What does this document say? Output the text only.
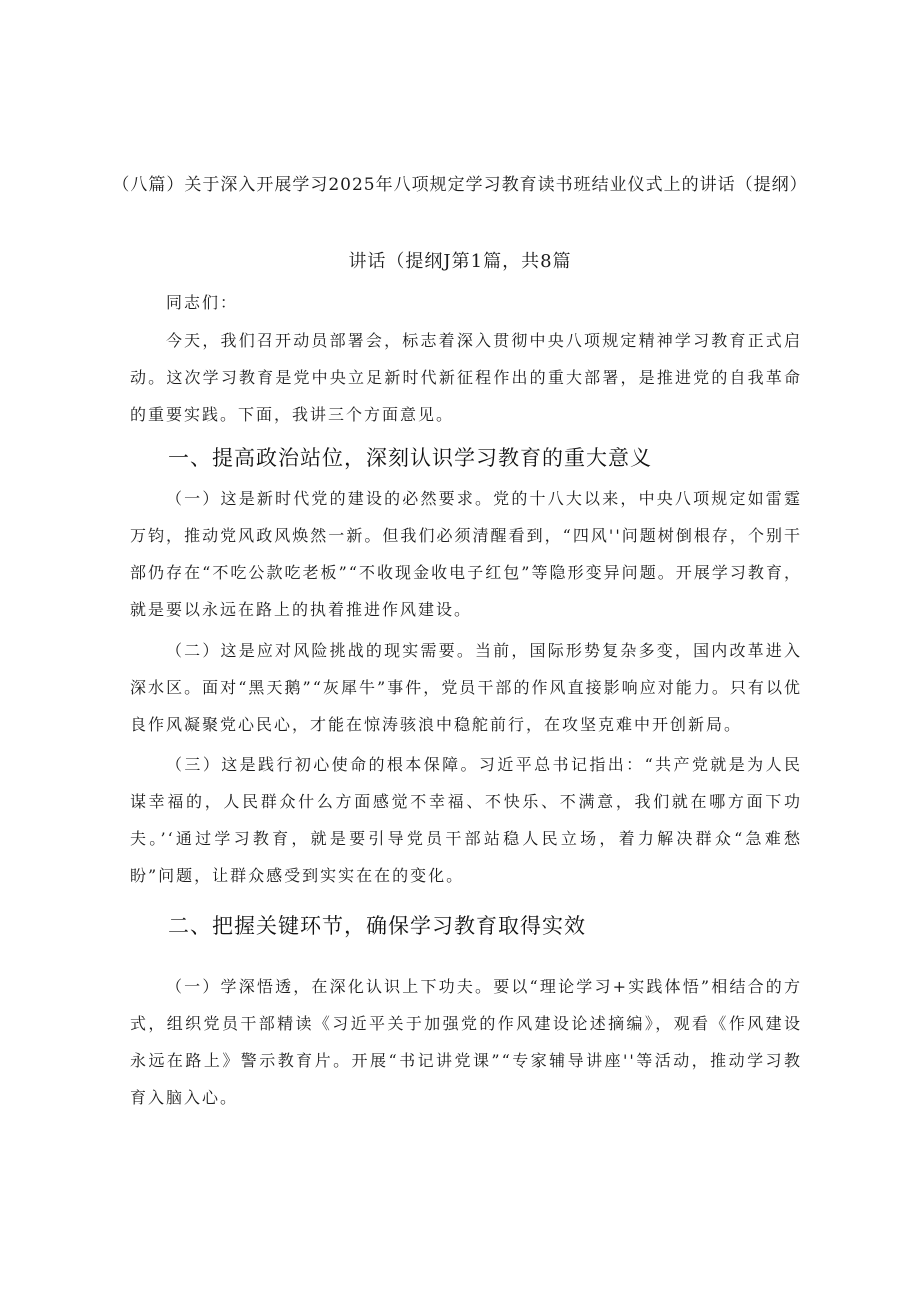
（八篇）关于深入开展学习2025年八项规定学习教育读书班结业仪式上的讲话（提纲）
讲话（提纲J第1篇，共8篇
同志们：

今天，我们召开动员部署会，标志着深入贯彻中央八项规定精神学习教育正式启动。这次学习教育是党中央立足新时代新征程作出的重大部署，是推进党的自我革命的重要实践。下面，我讲三个方面意见。

一、提高政治站位，深刻认识学习教育的重大意义

（一）这是新时代党的建设的必然要求。党的十八大以来，中央八项规定如雷霆万钧，推动党风政风焕然一新。但我们必须清醒看到，“四风''问题树倒根存，个别干部仍存在“不吃公款吃老板”“不收现金收电子红包”等隐形变异问题。开展学习教育，就是要以永远在路上的执着推进作风建设。

（二）这是应对风险挑战的现实需要。当前，国际形势复杂多变，国内改革进入深水区。面对“黑天鹅”“灰犀牛”事件，党员干部的作风直接影响应对能力。只有以优良作风凝聚党心民心，才能在惊涛骇浪中稳舵前行，在攻坚克难中开创新局。

（三）这是践行初心使命的根本保障。习近平总书记指出：“共产党就是为人民谋幸福的，人民群众什么方面感觉不幸福、不快乐、不满意，我们就在哪方面下功夫。’‘通过学习教育，就是要引导党员干部站稳人民立场，着力解决群众“急难愁盼”问题，让群众感受到实实在在的变化。

二、把握关键环节，确保学习教育取得实效

（一）学深悟透，在深化认识上下功夫。要以“理论学习+实践体悟”相结合的方式，组织党员干部精读《习近平关于加强党的作风建设论述摘编》，观看《作风建设永远在路上》警示教育片。开展“书记讲党课”“专家辅导讲座''等活动，推动学习教育入脑入心。
